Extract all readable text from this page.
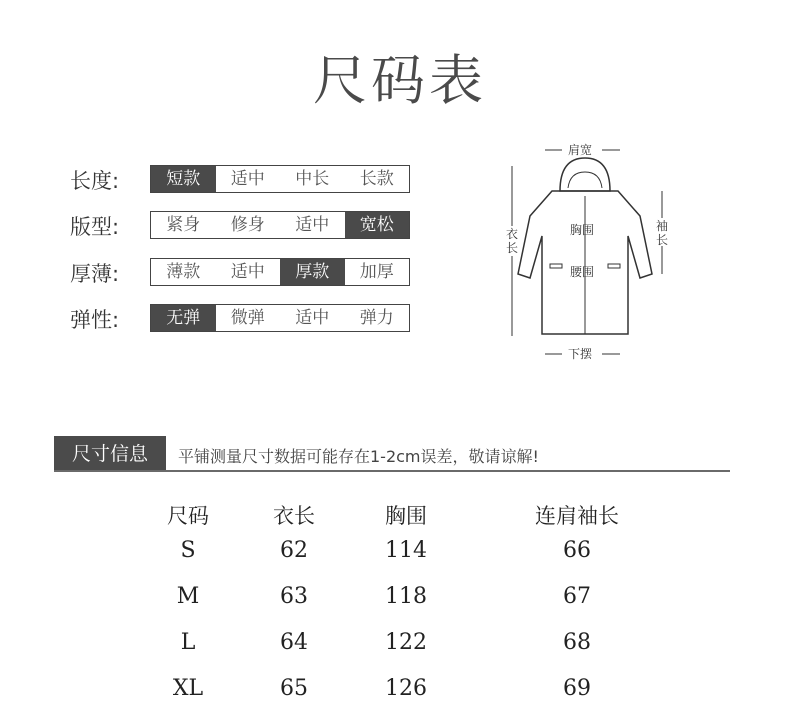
尺码表
长度:	短款	适中	中长	长款
版型:	紧身	修身	适中	宽松
厚薄:	薄款	适中	厚款	加厚
弹性:	无弹	微弹	适中	弹力
肩宽
衣
长
袖
长
胸围
腰围
下摆
尺寸信息	平铺测量尺寸数据可能存在1-2cm误差，敬请谅解!
尺码	衣长	胸围	连肩袖长
S	62	114	66
M	63	118	67
L	64	122	68
XL	65	126	69
